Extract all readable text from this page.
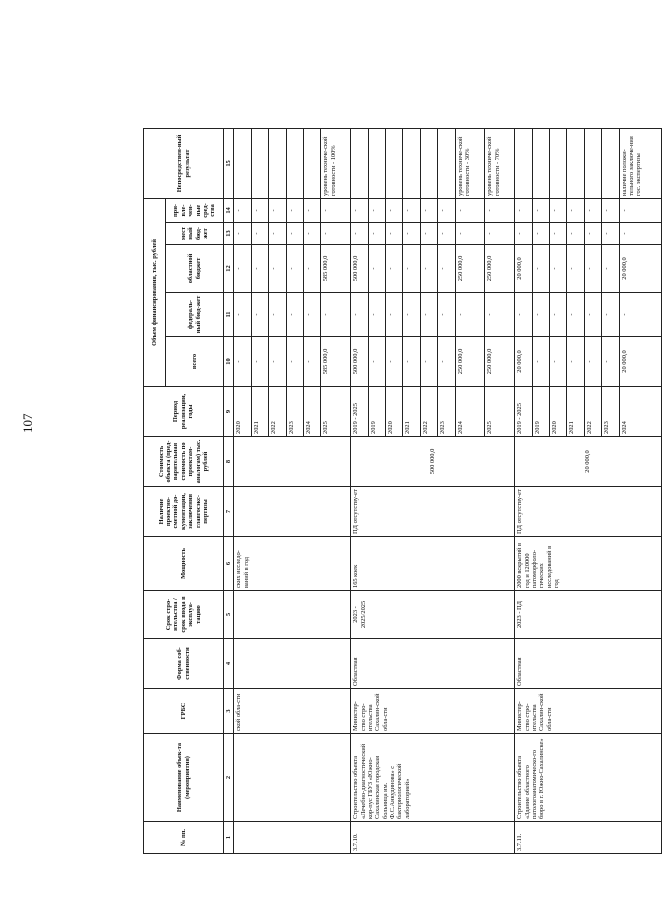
107
№ пп.	Наименование объек-та (мероприятия)	ГРБС	Форма соб-ственности	Срок стро-ительства / срок ввода в эксплуа-тацию	Мощность	Наличие проектно-сметной до-кументации, заключения главгосэкс-пертизы	Стоимость объекта (пред-варительная стоимость по проектам-аналогам) тыс. рублей	Период реализации, годы	Объем финансирования, тыс. рублей					Непосредствен-ный результат
									всего	федераль-ный бюд-жет	областной бюджет	мест ный бюд-жет	при-вле-чен-ные сред-ства	
1	2	3	4	5	6	7	8	9	10	11	12	13	14	15
		ской обла-сти			ских исследо-ваний в год			2020	-	-	-	-	-	
								2021	-	-	-	-	-	
								2022	-	-	-	-	-	
								2023	-	-	-	-	-	
								2024	-	-	-	-	-	
								2025	585 000,0	-	585 000,0	-	-	уровень техниче-ской готовности - 100%
3.7.10.	Строительство объекта «Лечебно-диагностический кор-пус ГБУЗ «Южно-Сахалинская городская больница им. Ф.С.Анкудинова» с бактериологической лабораторией»	Министер-ство стро-ительства Сахалин-ской обла-сти	Областная	2023 - 2025/2025	165 коек	ПД отсутству-ет	500 000,0	2019 - 2025	500 000,0	-	500 000,0	-	-	
								2019	-	-	-	-	-	
								2020	-	-	-	-	-	
								2021	-	-	-	-	-	
								2022	-	-	-	-	-	
								2023	-	-	-	-	-	
								2024	250 000,0	-	250 000,0	-	-	уровень техниче-ской готовности - 30%
								2025	250 000,0	-	250 000,0	-	-	уровень техниче-ской готовности - 70%
3.7.11.	Строительство объекта «Здание областного патологоанатомическо-го бюро в г. Южно-Сахалинске»	Министер-ство стро-ительства Сахалин-ской обла-сти	Областная	2023 - ПД	2000 вскрытий в год и 120000 патоморфоло-гических исследований в год	ПД отсутству-ет	20 000,0	2019 - 2025	20 000,0	-	20 000,0	-	-	
								2019	-	-	-	-	-	
								2020	-	-	-	-	-	
								2021	-	-	-	-	-	
								2022	-	-	-	-	-	
								2023	-	-	-	-	-	
								2024	20 000,0	-	20 000,0	-	-	наличие положи-тельного заключе-ния гос. экспертизы
